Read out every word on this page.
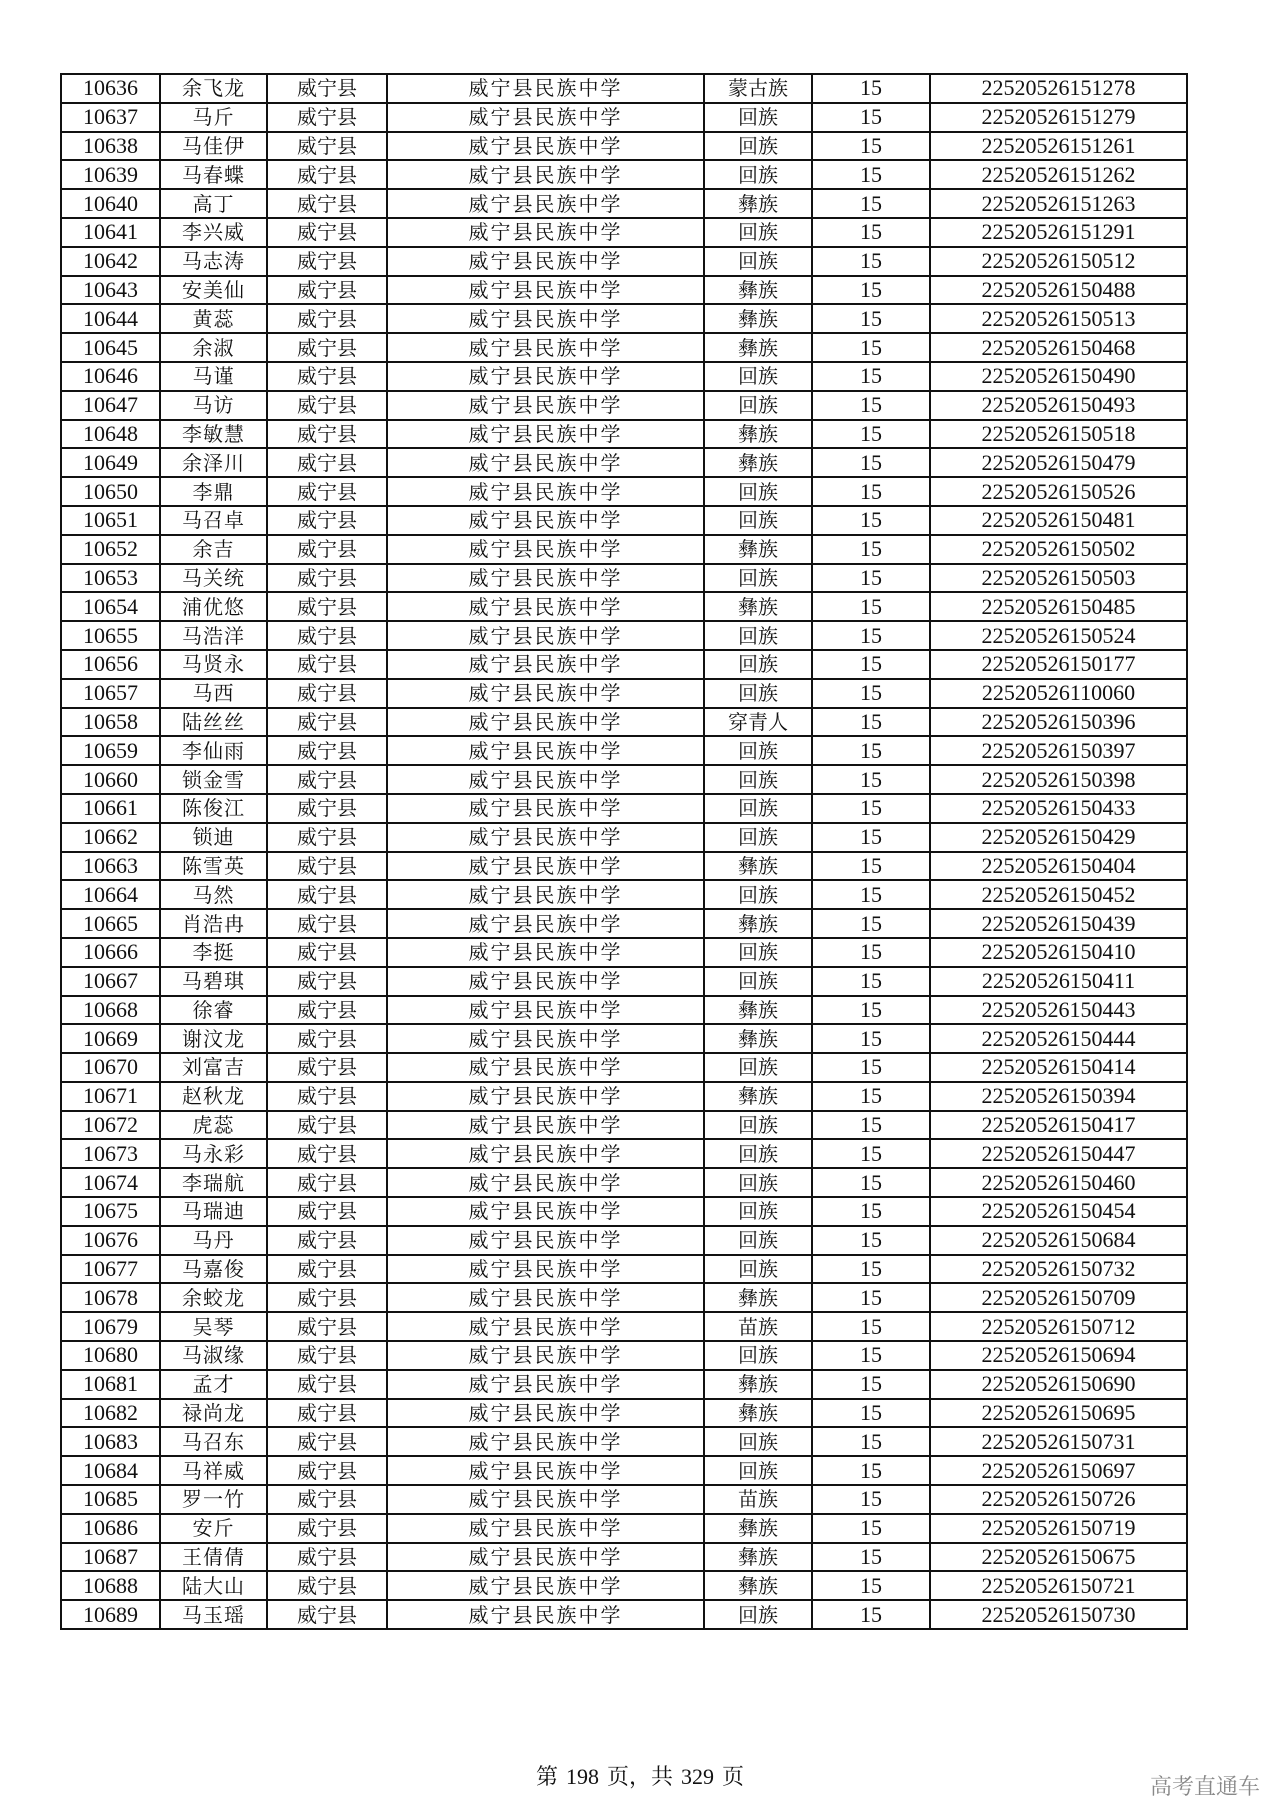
10636	余飞龙	威宁县	威宁县民族中学	蒙古族	15	22520526151278
10637	马斤	威宁县	威宁县民族中学	回族	15	22520526151279
10638	马佳伊	威宁县	威宁县民族中学	回族	15	22520526151261
10639	马春蝶	威宁县	威宁县民族中学	回族	15	22520526151262
10640	高丁	威宁县	威宁县民族中学	彝族	15	22520526151263
10641	李兴威	威宁县	威宁县民族中学	回族	15	22520526151291
10642	马志涛	威宁县	威宁县民族中学	回族	15	22520526150512
10643	安美仙	威宁县	威宁县民族中学	彝族	15	22520526150488
10644	黄蕊	威宁县	威宁县民族中学	彝族	15	22520526150513
10645	余淑	威宁县	威宁县民族中学	彝族	15	22520526150468
10646	马谨	威宁县	威宁县民族中学	回族	15	22520526150490
10647	马访	威宁县	威宁县民族中学	回族	15	22520526150493
10648	李敏慧	威宁县	威宁县民族中学	彝族	15	22520526150518
10649	余泽川	威宁县	威宁县民族中学	彝族	15	22520526150479
10650	李鼎	威宁县	威宁县民族中学	回族	15	22520526150526
10651	马召卓	威宁县	威宁县民族中学	回族	15	22520526150481
10652	余吉	威宁县	威宁县民族中学	彝族	15	22520526150502
10653	马关统	威宁县	威宁县民族中学	回族	15	22520526150503
10654	浦优悠	威宁县	威宁县民族中学	彝族	15	22520526150485
10655	马浩洋	威宁县	威宁县民族中学	回族	15	22520526150524
10656	马贤永	威宁县	威宁县民族中学	回族	15	22520526150177
10657	马西	威宁县	威宁县民族中学	回族	15	22520526110060
10658	陆丝丝	威宁县	威宁县民族中学	穿青人	15	22520526150396
10659	李仙雨	威宁县	威宁县民族中学	回族	15	22520526150397
10660	锁金雪	威宁县	威宁县民族中学	回族	15	22520526150398
10661	陈俊江	威宁县	威宁县民族中学	回族	15	22520526150433
10662	锁迪	威宁县	威宁县民族中学	回族	15	22520526150429
10663	陈雪英	威宁县	威宁县民族中学	彝族	15	22520526150404
10664	马然	威宁县	威宁县民族中学	回族	15	22520526150452
10665	肖浩冉	威宁县	威宁县民族中学	彝族	15	22520526150439
10666	李挺	威宁县	威宁县民族中学	回族	15	22520526150410
10667	马碧琪	威宁县	威宁县民族中学	回族	15	22520526150411
10668	徐睿	威宁县	威宁县民族中学	彝族	15	22520526150443
10669	谢汶龙	威宁县	威宁县民族中学	彝族	15	22520526150444
10670	刘富吉	威宁县	威宁县民族中学	回族	15	22520526150414
10671	赵秋龙	威宁县	威宁县民族中学	彝族	15	22520526150394
10672	虎蕊	威宁县	威宁县民族中学	回族	15	22520526150417
10673	马永彩	威宁县	威宁县民族中学	回族	15	22520526150447
10674	李瑞航	威宁县	威宁县民族中学	回族	15	22520526150460
10675	马瑞迪	威宁县	威宁县民族中学	回族	15	22520526150454
10676	马丹	威宁县	威宁县民族中学	回族	15	22520526150684
10677	马嘉俊	威宁县	威宁县民族中学	回族	15	22520526150732
10678	余蛟龙	威宁县	威宁县民族中学	彝族	15	22520526150709
10679	吴琴	威宁县	威宁县民族中学	苗族	15	22520526150712
10680	马淑缘	威宁县	威宁县民族中学	回族	15	22520526150694
10681	孟才	威宁县	威宁县民族中学	彝族	15	22520526150690
10682	禄尚龙	威宁县	威宁县民族中学	彝族	15	22520526150695
10683	马召东	威宁县	威宁县民族中学	回族	15	22520526150731
10684	马祥威	威宁县	威宁县民族中学	回族	15	22520526150697
10685	罗一竹	威宁县	威宁县民族中学	苗族	15	22520526150726
10686	安斤	威宁县	威宁县民族中学	彝族	15	22520526150719
10687	王倩倩	威宁县	威宁县民族中学	彝族	15	22520526150675
10688	陆大山	威宁县	威宁县民族中学	彝族	15	22520526150721
10689	马玉瑶	威宁县	威宁县民族中学	回族	15	22520526150730
第 198 页，共 329 页	高考直通车
